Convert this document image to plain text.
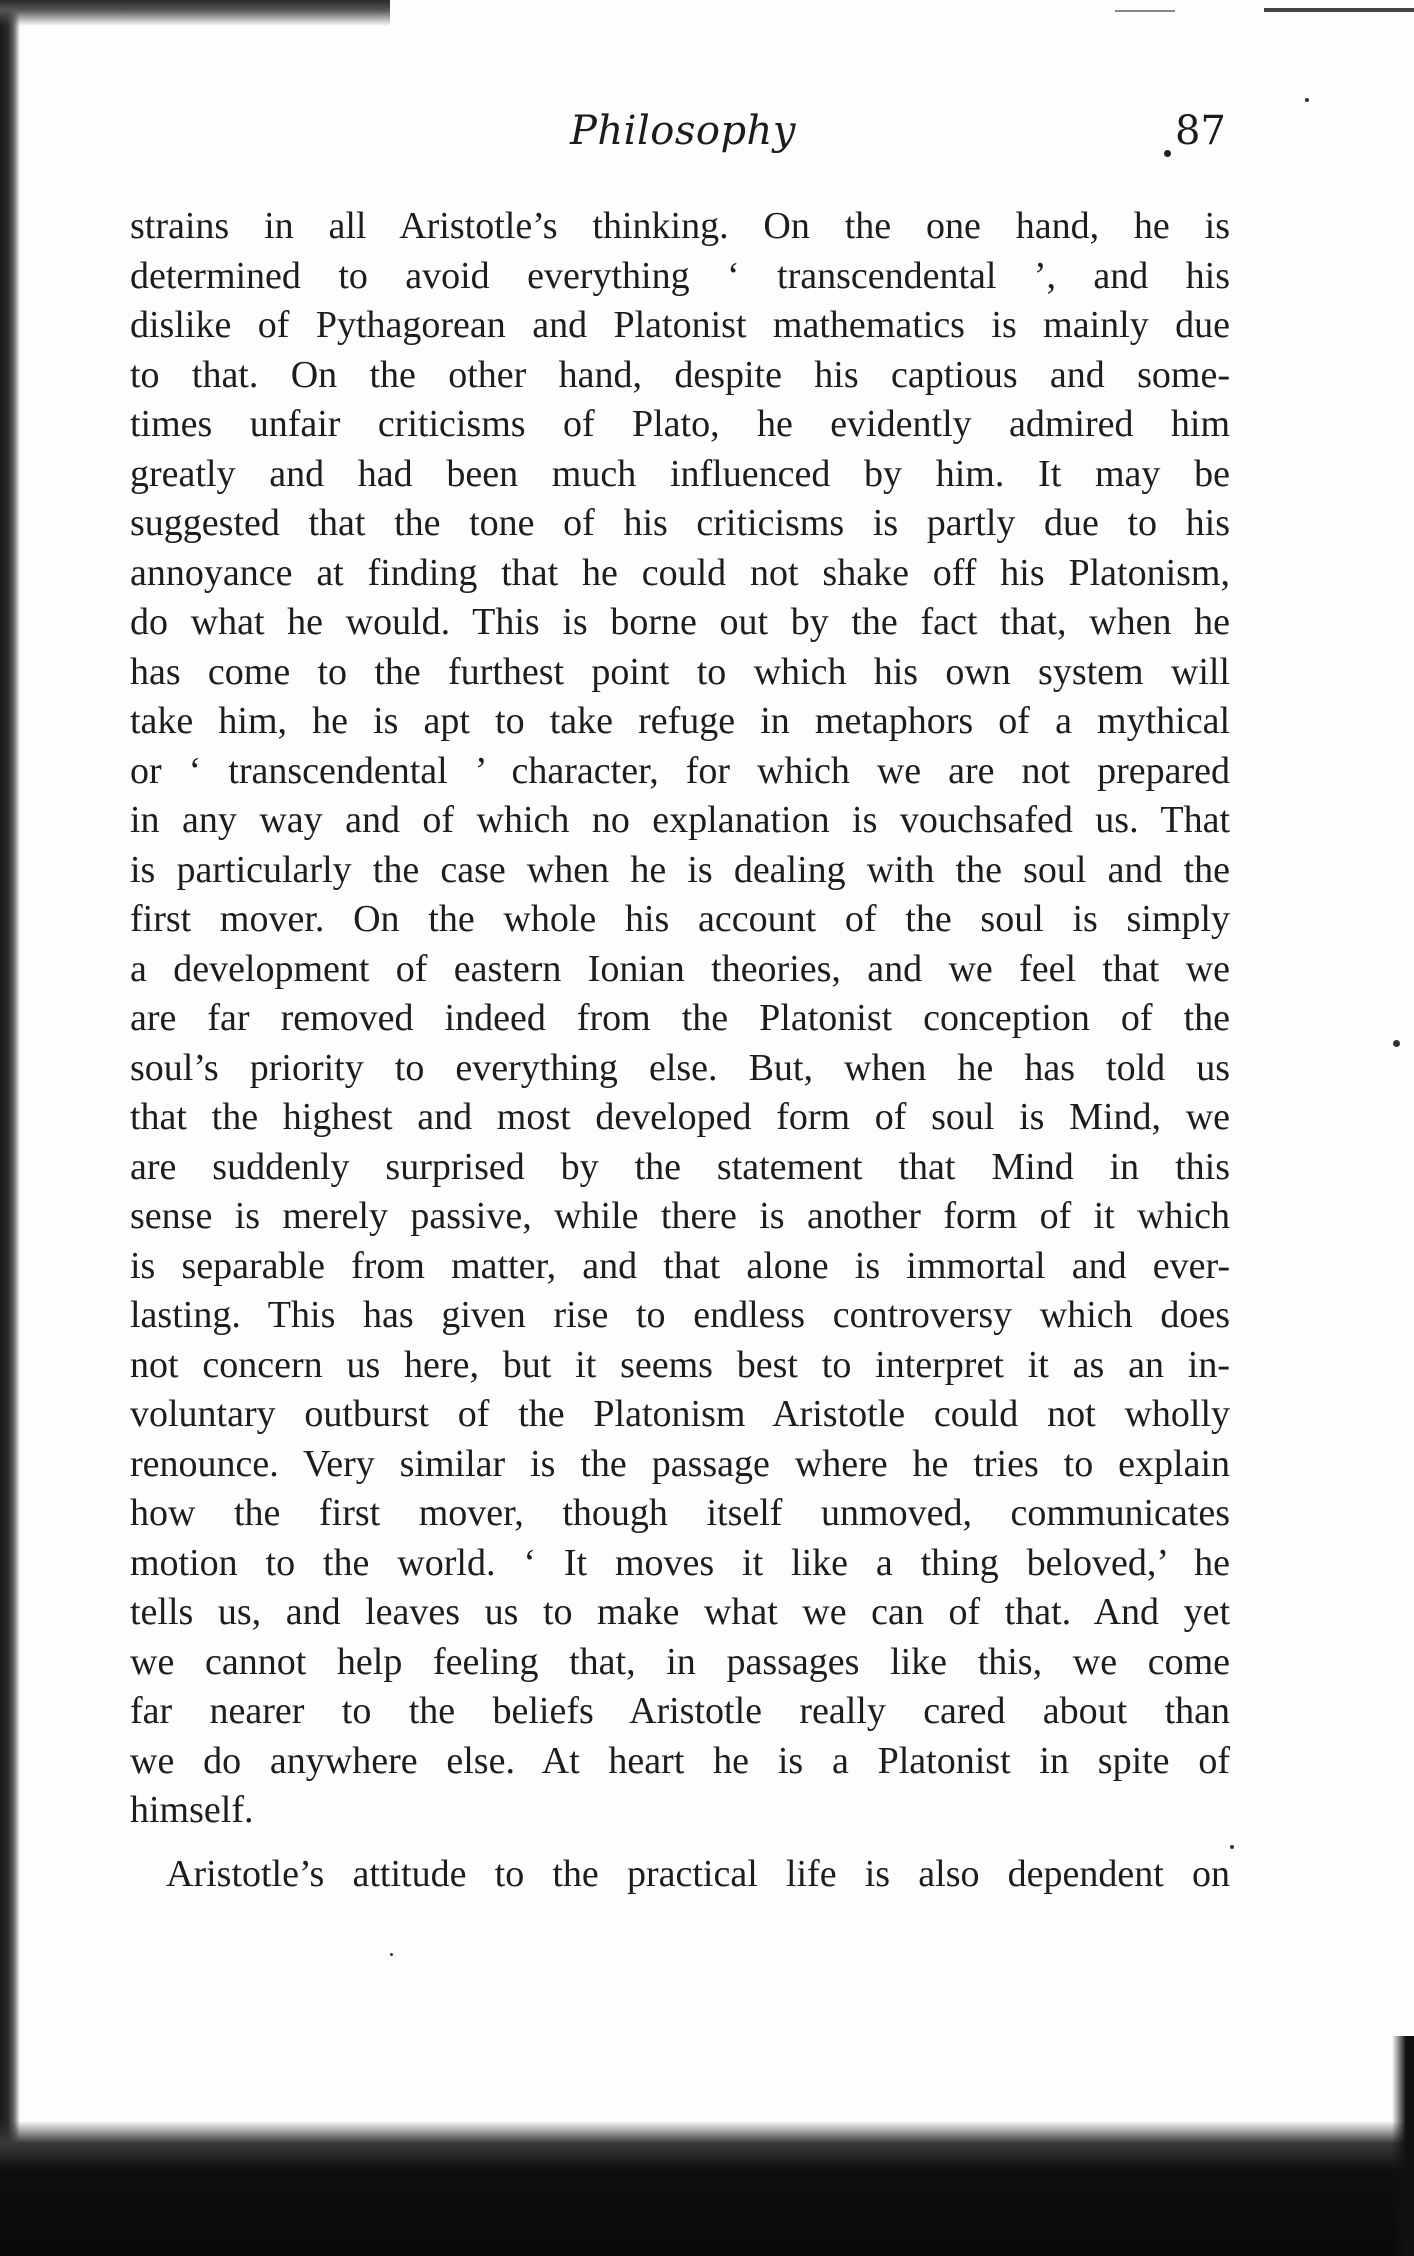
Philosophy	87
strains in all Aristotle’s thinking. On the one hand, he is
determined to avoid everything ‘ transcendental ’, and his
dislike of Pythagorean and Platonist mathematics is mainly due
to that. On the other hand, despite his captious and some-
times unfair criticisms of Plato, he evidently admired him
greatly and had been much influenced by him. It may be
suggested that the tone of his criticisms is partly due to his
annoyance at finding that he could not shake off his Platonism,
do what he would. This is borne out by the fact that, when he
has come to the furthest point to which his own system will
take him, he is apt to take refuge in metaphors of a mythical
or ‘ transcendental ’ character, for which we are not prepared
in any way and of which no explanation is vouchsafed us. That
is particularly the case when he is dealing with the soul and the
first mover. On the whole his account of the soul is simply
a development of eastern Ionian theories, and we feel that we
are far removed indeed from the Platonist conception of the
soul’s priority to everything else. But, when he has told us
that the highest and most developed form of soul is Mind, we
are suddenly surprised by the statement that Mind in this
sense is merely passive, while there is another form of it which
is separable from matter, and that alone is immortal and ever-
lasting. This has given rise to endless controversy which does
not concern us here, but it seems best to interpret it as an in-
voluntary outburst of the Platonism Aristotle could not wholly
renounce. Very similar is the passage where he tries to explain
how the first mover, though itself unmoved, communicates
motion to the world. ‘ It moves it like a thing beloved,’ he
tells us, and leaves us to make what we can of that. And yet
we cannot help feeling that, in passages like this, we come
far nearer to the beliefs Aristotle really cared about than
we do anywhere else. At heart he is a Platonist in spite of
himself.
Aristotle’s attitude to the practical life is also dependent on
